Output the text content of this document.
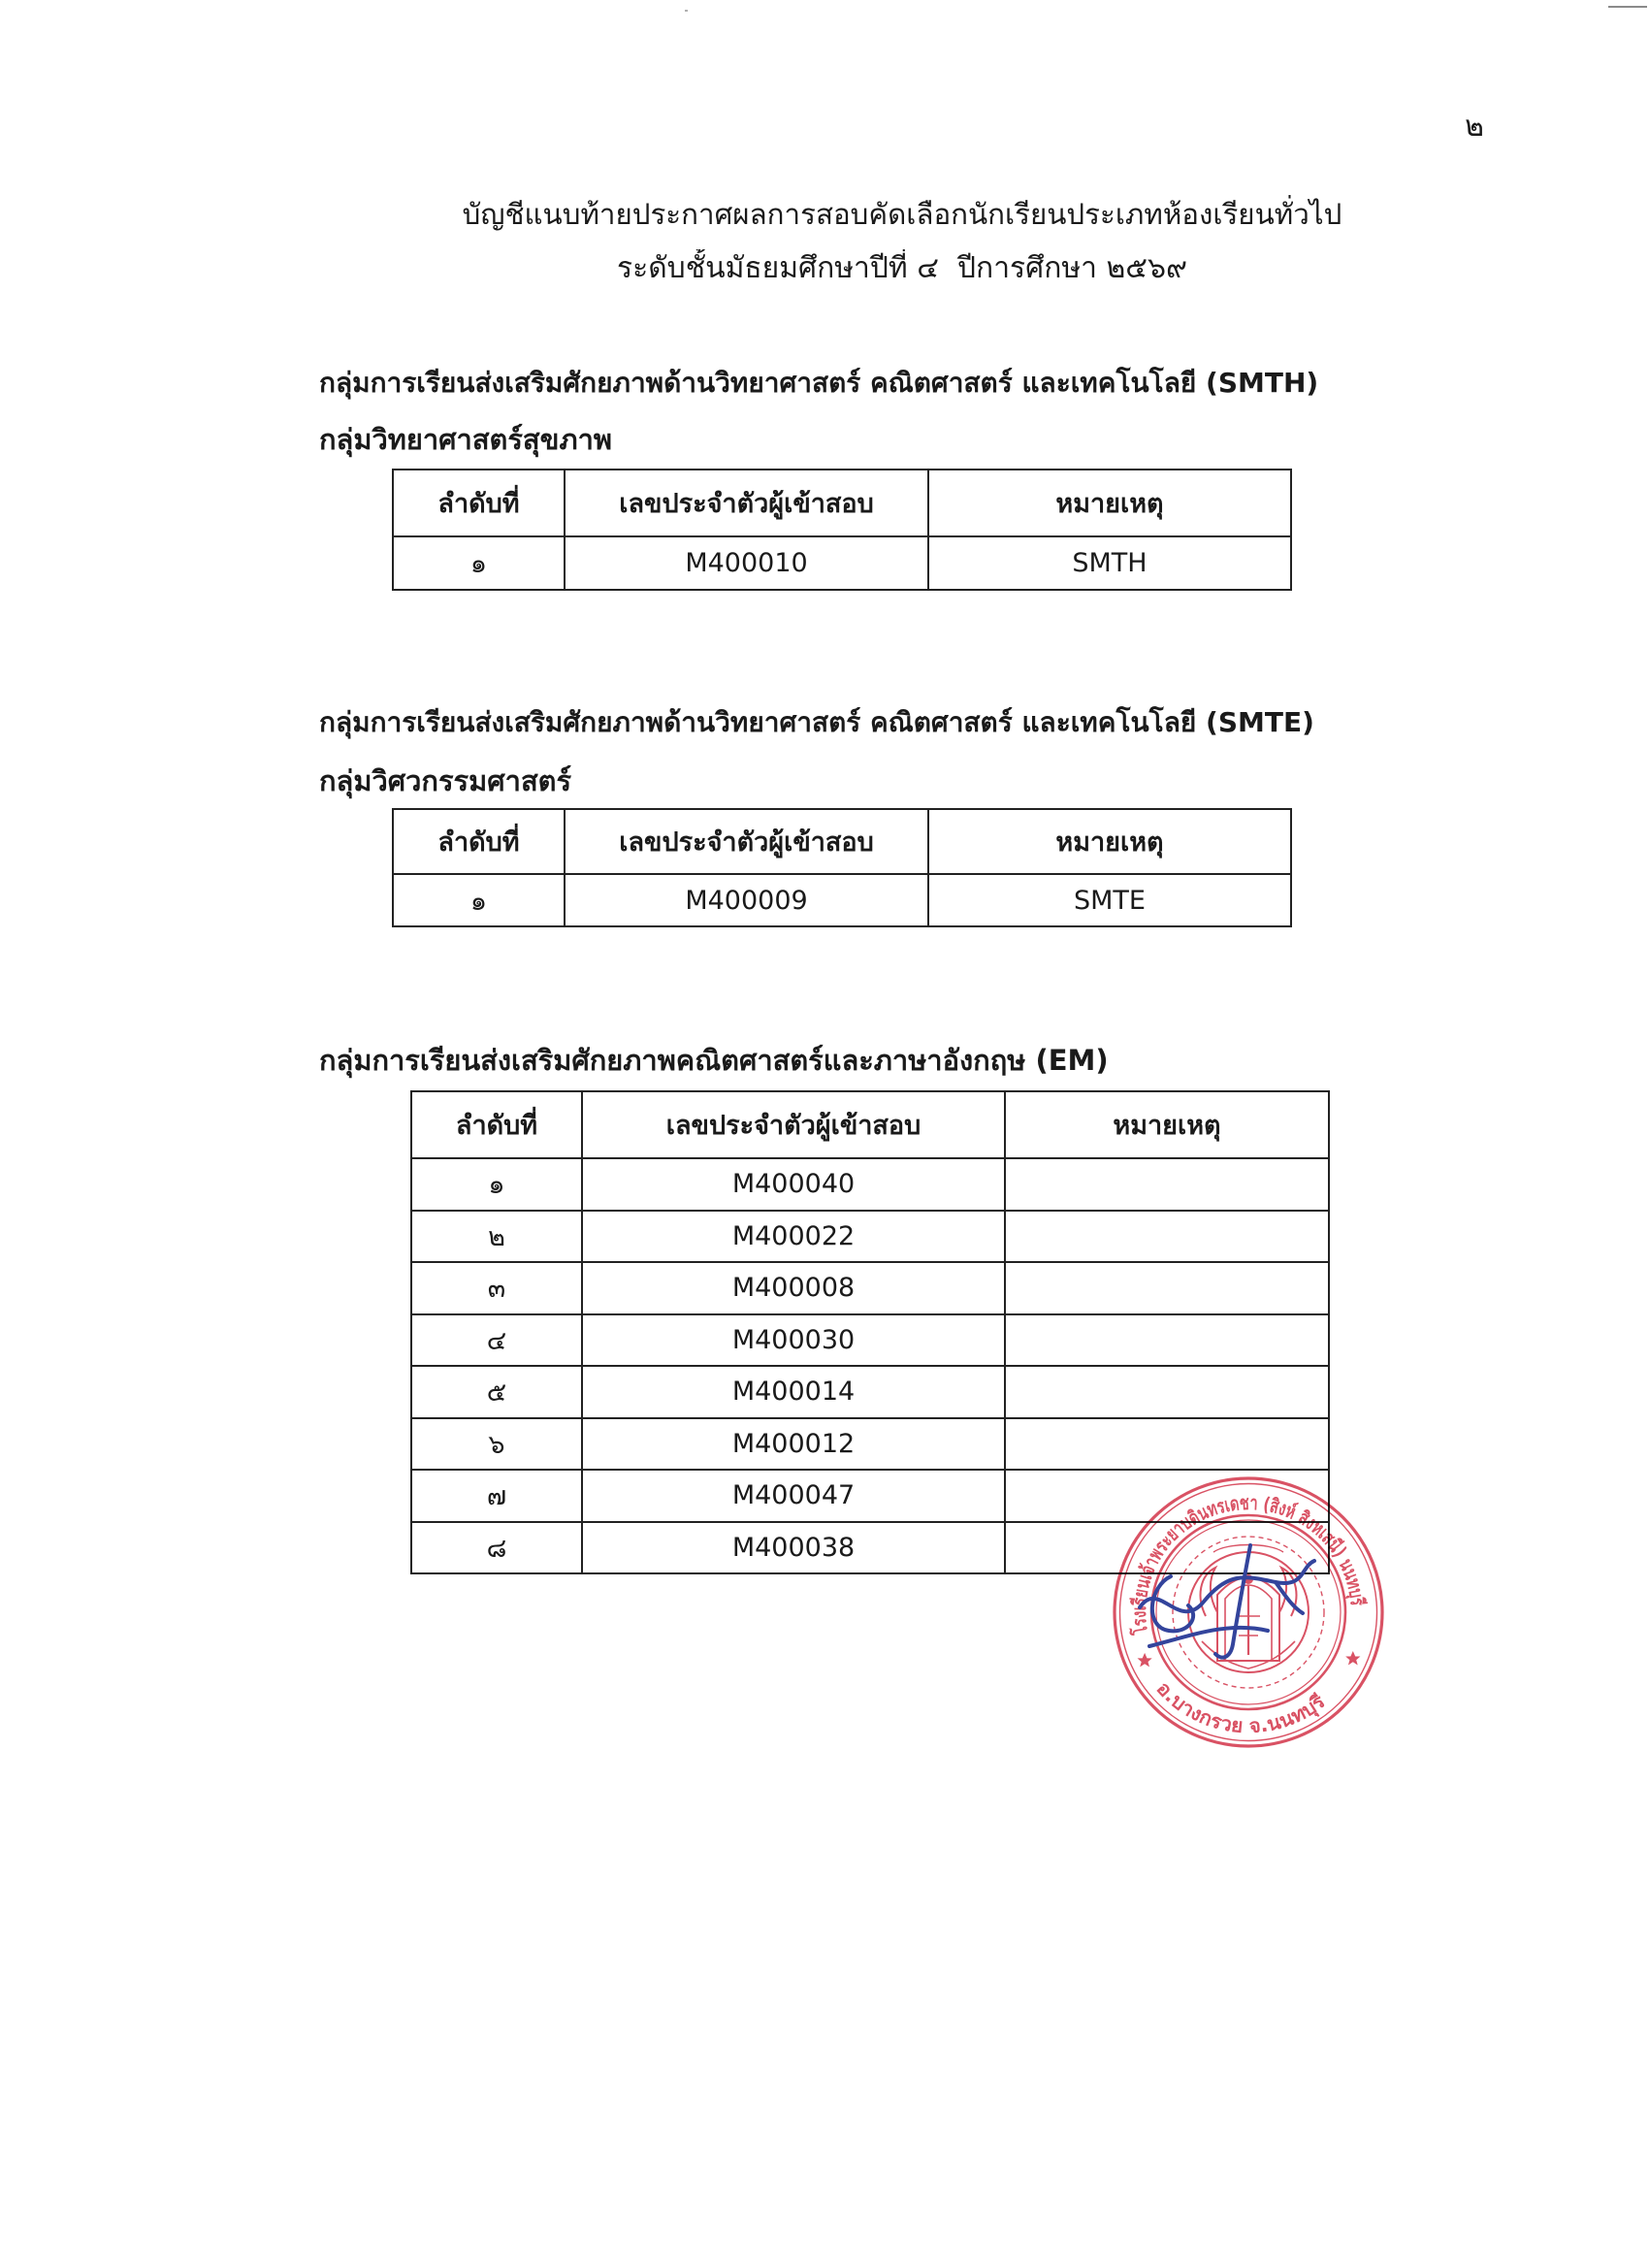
๒
บัญชีแนบท้ายประกาศผลการสอบคัดเลือกนักเรียนประเภทห้องเรียนทั่วไป
ระดับชั้นมัธยมศึกษาปีที่ ๔  ปีการศึกษา ๒๕๖๙
กลุ่มการเรียนส่งเสริมศักยภาพด้านวิทยาศาสตร์ คณิตศาสตร์ และเทคโนโลยี (SMTH)
กลุ่มวิทยาศาสตร์สุขภาพ
ลำดับที่	เลขประจำตัวผู้เข้าสอบ	หมายเหตุ
๑	M400010	SMTH
กลุ่มการเรียนส่งเสริมศักยภาพด้านวิทยาศาสตร์ คณิตศาสตร์ และเทคโนโลยี (SMTE)
กลุ่มวิศวกรรมศาสตร์
ลำดับที่	เลขประจำตัวผู้เข้าสอบ	หมายเหตุ
๑	M400009	SMTE
กลุ่มการเรียนส่งเสริมศักยภาพคณิตศาสตร์และภาษาอังกฤษ (EM)
ลำดับที่	เลขประจำตัวผู้เข้าสอบ	หมายเหตุ
๑	M400040	
๒	M400022	
๓	M400008	
๔	M400030	
๕	M400014	
๖	M400012	
๗	M400047	
๘	M400038	
โรงเรียนเจ้าพระยาบดินทรเดชา (สิงห์ สิงหเสนี) นนทบุรี
อ.บางกรวย จ.นนทบุรี
